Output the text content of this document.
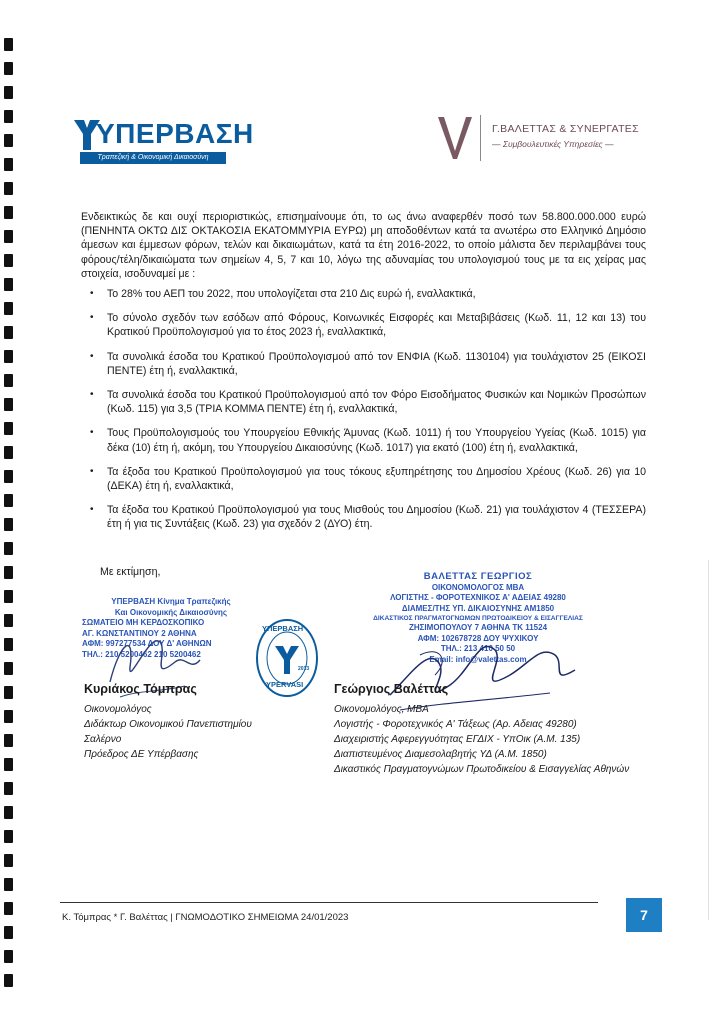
ΥΠΕΡΒΑΣΗ
Τραπεζική & Οικονομική Δικαιοσύνη
Γ.ΒΑΛΕΤΤΑΣ & ΣΥΝΕΡΓΑΤΕΣ
— Συμβουλευτικές Υπηρεσίες —

Ενδεικτικώς δε και ουχί περιοριστικώς, επισημαίνουμε ότι, το ως άνω αναφερθέν ποσό των 58.800.000.000 ευρώ (ΠΕΝΗΝΤΑ ΟΚΤΩ ΔΙΣ ΟΚΤΑΚΟΣΙΑ ΕΚΑΤΟΜΜΥΡΙΑ ΕΥΡΩ) μη αποδοθέντων κατά τα ανωτέρω στο Ελληνικό Δημόσιο άμεσων και έμμεσων φόρων, τελών και δικαιωμάτων, κατά τα έτη 2016-2022, το οποίο μάλιστα δεν περιλαμβάνει τους φόρους/τέλη/δικαιώματα των σημείων 4, 5, 7 και 10, λόγω της αδυναμίας του υπολογισμού τους με τα εις χείρας μας στοιχεία, ισοδυναμεί με :

• Το 28% του ΑΕΠ του 2022, που υπολογίζεται στα 210 Δις ευρώ ή, εναλλακτικά,
• Το σύνολο σχεδόν των εσόδων από Φόρους, Κοινωνικές Εισφορές και Μεταβιβάσεις (Κωδ. 11, 12 και 13) του Κρατικού Προϋπολογισμού για το έτος 2023 ή, εναλλακτικά,
• Τα συνολικά έσοδα του Κρατικού Προϋπολογισμού από τον ΕΝΦΙΑ (Κωδ. 1130104) για τουλάχιστον 25 (ΕΙΚΟΣΙ ΠΕΝΤΕ) έτη ή, εναλλακτικά,
• Τα συνολικά έσοδα του Κρατικού Προϋπολογισμού από τον Φόρο Εισοδήματος Φυσικών και Νομικών Προσώπων (Κωδ. 115) για 3,5 (ΤΡΙΑ ΚΟΜΜΑ ΠΕΝΤΕ) έτη ή, εναλλακτικά,
• Τους Προϋπολογισμούς του Υπουργείου Εθνικής Άμυνας (Κωδ. 1011) ή του Υπουργείου Υγείας (Κωδ. 1015) για δέκα (10) έτη ή, ακόμη, του Υπουργείου Δικαιοσύνης (Κωδ. 1017) για εκατό (100) έτη ή, εναλλακτικά,
• Τα έξοδα του Κρατικού Προϋπολογισμού για τους τόκους εξυπηρέτησης του Δημοσίου Χρέους (Κωδ. 26) για 10 (ΔΕΚΑ) έτη ή, εναλλακτικά,
• Τα έξοδα του Κρατικού Προϋπολογισμού για τους Μισθούς του Δημοσίου (Κωδ. 21) για τουλάχιστον 4 (ΤΕΣΣΕΡΑ) έτη ή για τις Συντάξεις (Κωδ. 23) για σχεδόν 2 (ΔΥΟ) έτη.
Με εκτίμηση,
ΥΠΕΡΒΑΣΗ Κίνημα Τραπεζικής
Και Οικονομικής Δικαιοσύνης
ΣΩΜΑΤΕΙΟ ΜΗ ΚΕΡΔΟΣΚΟΠΙΚΟ
ΑΓ. ΚΩΝΣΤΑΝΤΙΝΟΥ 2 ΑΘΗΝΑ
ΑΦΜ: 997277534 ΔΟΥ Δ' ΑΘΗΝΩΝ
ΤΗΛ.: 210 5200462 210 5200462
ΥΠΕΡΒΑΣΗ
YPERVASI
2013
ΒΑΛΕΤΤΑΣ ΓΕΩΡΓΙΟΣ
ΟΙΚΟΝΟΜΟΛΟΓΟΣ ΜΒΑ
ΛΟΓΙΣΤΗΣ - ΦΟΡΟΤΕΧΝΙΚΟΣ Α' ΑΔΕΙΑΣ 49280
ΔΙΑΜΕΣ/ΤΗΣ ΥΠ. ΔΙΚΑΙΟΣΥΝΗΣ ΑΜ1850
ΔΙΚΑΣΤΙΚΟΣ ΠΡΑΓΜΑΤΟΓΝΩΜΩΝ ΠΡΩΤΟΔΙΚΕΙΟΥ & ΕΙΣΑΓΓΕΛΙΑΣ
ΖΗΣΙΜΟΠΟΥΛΟΥ 7 ΑΘΗΝΑ ΤΚ 11524
ΑΦΜ: 102678728 ΔΟΥ ΨΥΧΙΚΟΥ
ΤΗΛ.: 213 410 50 50
Email: info@valettas.com
Κυριάκος Τόμπρας
Οικονομολόγος
Διδάκτωρ Οικονομικού Πανεπιστημίου
Σαλέρνο
Πρόεδρος ΔΕ Υπέρβασης
Γεώργιος Βαλέττας
Οικονομολόγος, MBA
Λογιστής - Φοροτεχνικός Α' Τάξεως (Αρ. Αδειας 49280)
Διαχειριστής Αφερεγγυότητας ΕΓΔΙΧ - ΥπΟικ (Α.Μ. 135)
Διαπιστευμένος Διαμεσολαβητής ΥΔ (Α.Μ. 1850)
Δικαστικός Πραγματογνώμων Πρωτοδικείου & Εισαγγελίας Αθηνών
Κ. Τόμπρας * Γ. Βαλέττας | ΓΝΩΜΟΔΟΤΙΚΟ ΣΗΜΕΙΩΜΑ 24/01/2023	7
